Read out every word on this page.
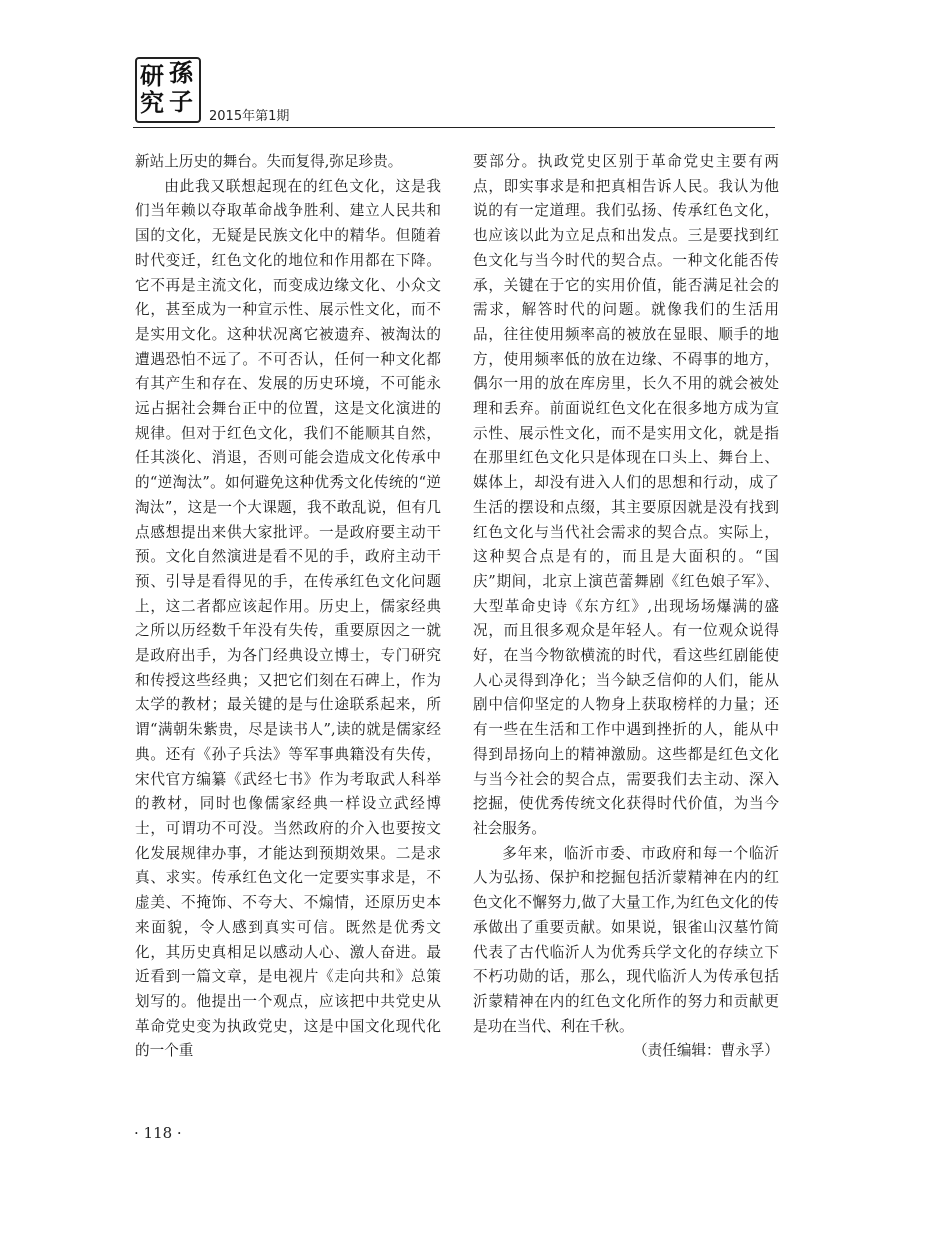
研 孫
究 子
2015年第1期

新站上历史的舞台。失而复得,弥足珍贵。

由此我又联想起现在的红色文化，这是我们当年赖以夺取革命战争胜利、建立人民共和国的文化，无疑是民族文化中的精华。但随着时代变迁，红色文化的地位和作用都在下降。它不再是主流文化，而变成边缘文化、小众文化，甚至成为一种宣示性、展示性文化，而不是实用文化。这种状况离它被遗弃、被淘汰的遭遇恐怕不远了。不可否认，任何一种文化都有其产生和存在、发展的历史环境，不可能永远占据社会舞台正中的位置，这是文化演进的规律。但对于红色文化，我们不能顺其自然，任其淡化、消退，否则可能会造成文化传承中的“逆淘汰”。如何避免这种优秀文化传统的“逆淘汰”，这是一个大课题，我不敢乱说，但有几点感想提出来供大家批评。一是政府要主动干预。文化自然演进是看不见的手，政府主动干预、引导是看得见的手，在传承红色文化问题上，这二者都应该起作用。历史上，儒家经典之所以历经数千年没有失传，重要原因之一就是政府出手，为各门经典设立博士，专门研究和传授这些经典；又把它们刻在石碑上，作为太学的教材；最关键的是与仕途联系起来，所谓“满朝朱紫贵，尽是读书人”,读的就是儒家经典。还有《孙子兵法》等军事典籍没有失传，宋代官方编纂《武经七书》作为考取武人科举的教材，同时也像儒家经典一样设立武经博士，可谓功不可没。当然政府的介入也要按文化发展规律办事，才能达到预期效果。二是求真、求实。传承红色文化一定要实事求是，不虚美、不掩饰、不夸大、不煽情，还原历史本来面貌，令人感到真实可信。既然是优秀文化，其历史真相足以感动人心、激人奋进。最近看到一篇文章，是电视片《走向共和》总策划写的。他提出一个观点，应该把中共党史从革命党史变为执政党史，这是中国文化现代化的一个重

要部分。执政党史区别于革命党史主要有两点，即实事求是和把真相告诉人民。我认为他说的有一定道理。我们弘扬、传承红色文化，也应该以此为立足点和出发点。三是要找到红色文化与当今时代的契合点。一种文化能否传承，关键在于它的实用价值，能否满足社会的需求，解答时代的问题。就像我们的生活用品，往往使用频率高的被放在显眼、顺手的地方，使用频率低的放在边缘、不碍事的地方，偶尔一用的放在库房里，长久不用的就会被处理和丢弃。前面说红色文化在很多地方成为宣示性、展示性文化，而不是实用文化，就是指在那里红色文化只是体现在口头上、舞台上、媒体上，却没有进入人们的思想和行动，成了生活的摆设和点缀，其主要原因就是没有找到红色文化与当代社会需求的契合点。实际上，这种契合点是有的，而且是大面积的。“国庆”期间，北京上演芭蕾舞剧《红色娘子军》、大型革命史诗《东方红》,出现场场爆满的盛况，而且很多观众是年轻人。有一位观众说得好，在当今物欲横流的时代，看这些红剧能使人心灵得到净化；当今缺乏信仰的人们，能从剧中信仰坚定的人物身上获取榜样的力量；还有一些在生活和工作中遇到挫折的人，能从中得到昂扬向上的精神激励。这些都是红色文化与当今社会的契合点，需要我们去主动、深入挖掘，使优秀传统文化获得时代价值，为当今社会服务。

多年来，临沂市委、市政府和每一个临沂人为弘扬、保护和挖掘包括沂蒙精神在内的红色文化不懈努力,做了大量工作,为红色文化的传承做出了重要贡献。如果说，银雀山汉墓竹简代表了古代临沂人为优秀兵学文化的存续立下不朽功勋的话，那么，现代临沂人为传承包括沂蒙精神在内的红色文化所作的努力和贡献更是功在当代、利在千秋。

（责任编辑：曹永孚）

· 118 ·
